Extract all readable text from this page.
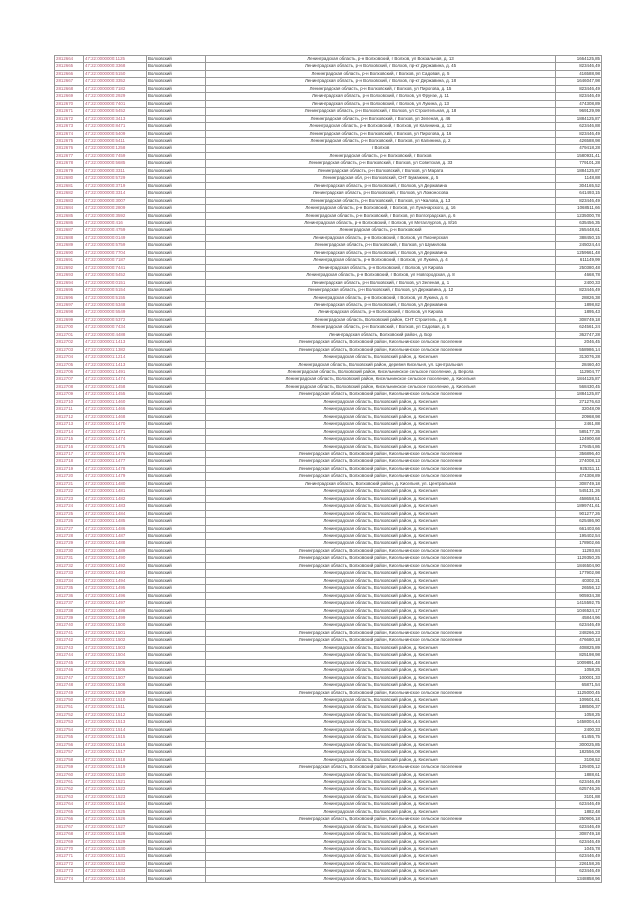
2812664	47:22:0000000:1125	Волховский	Ленинградская область, р-н Волховский, г Волхов, ул Вокзальная, д. 13	1664125,85
2812665	47:22:0000000:3368	Волховский	Ленинградская область, р-н Волховский, г Волхов, пр-кт Державина, д. 45	823446,49
2812666	47:22:0000000:5150	Волховский	Ленинградская область, р-н Волховский, г Волхов, ул Садовая, д. 5	416588,98
2812667	47:22:0000000:3352	Волховский	Ленинградская область, р-н Волховский, г Волхов, пр-кт Державина, д. 18	1646047,98
2812668	47:22:0000000:7182	Волховский	Ленинградская область, р-н Волховский, г Волхов, ул Пирогова, д. 15	823446,49
2812669	47:22:0000000:2929	Волховский	Ленинградская область, р-н Волховский, г Волхов, ул Фрунзе, д. 11	823446,49
2812670	47:22:0000000:7401	Волховский	Ленинградская область, р-н Волховский, г Волхов, ул Лукина, д. 13	474308,89
2812671	47:22:0000000:5452	Волховский	Ленинградская область, р-н Волховский, г Волхов, ул Строительная, д. 18	969129,99
2812672	47:22:0000000:3413	Волховский	Ленинградская область, р-н Волховский, г Волхов, ул Зеленая, д. 46	1884125,87
2812673	47:22:0000000:8471	Волховский	Ленинградская область, р-н Волховский, г Волхов, ул Калинина, д. 12	623446,88
2812674	47:22:0000000:5409	Волховский	Ленинградская область, р-н Волховский, г Волхов, ул Пирогова, д. 16	823446,49
2812675	47:22:0000000:5411	Волховский	Ленинградская область, р-н Волховский, г Волхов, ул Калинина, д. 2	426588,98
2812676	47:22:0000000:1258	Волховский	г Волхов	479418,28
2812677	47:22:0000000:7459	Волховский	Ленинградская область, р-н Волховский, г Волхов	1580931,41
2812678	47:22:0000000:5685	Волховский	Ленинградская область, р-н Волховский, г Волхов, ул Советская, д. 33	779101,28
2812679	47:22:0000000:3311	Волховский	Ленинградская область, р-н Волховский, г Волхов, ул Марата	1884125,87
2812680	47:22:0000000:5729	Волховский	Ленинградская обл, р-н Волховский, СНТ Бумажник, д. 5	1148,88
2812681	47:22:0000000:3719	Волховский	Ленинградская область, р-н Волховский, г Волхов, ул Державина	304165,52
2812682	47:22:0000000:3314	Волховский	Ленинградская область, р-н Волховский, г Волхов, ул Ломоносова	641493,15
2812683	47:22:0000000:3007	Волховский	Ленинградская область, р-н Волховский, г Волхов, ул Чкалова, д. 13	823446,49
2812684	47:22:0000000:2809	Волховский	Ленинградская область, р-н Волховский, г Волхов, ул Луначарского, д. 16	1068511,66
2812685	47:22:0000000:3592	Волховский	Ленинградская область, р-н Волховский, г Волхов, ул Волгоградская, д. 6	1235000,78
2812686	47:22:0000000:416	Волховский	Ленинградская область, р-н Волховский, г Волхов, ул Металлургов, д. 8/16	635456,35
2812687	47:22:0000000:4759	Волховский	Ленинградская область, р-н Волховский	265448,61
2812688	47:22:0000000:0149	Волховский	Ленинградская область, р-н Волховский, г Волхов, ул Пионерская	388450,15
2812689	47:22:0000000:5759	Волховский	Ленинградская область, р-н Волховский, г Волхов, ул Шумилова	245024,44
2812690	47:22:0000000:7704	Волховский	Ленинградская область, р-н Волховский, г Волхов, ул Державина	1259661,48
2812691	47:22:0000000:7187	Волховский	Ленинградская область, р-н Волховский, г Волхов, ул Лукина, д. 4	611149,99
2812692	47:22:0000000:7441	Волховский	Ленинградская область, р-н Волховский, г Волхов, ул Кирова	250380,48
2812693	47:22:0000000:5452	Волховский	Ленинградская область, р-н Волховский, г Волхов, ул Новгородская, д. 8	4668,78
2812694	47:22:0000000:0151	Волховский	Ленинградская область, р-н Волховский, г Волхов, ул Зеленая, д. 1	2400,33
2812695	47:22:0000000:5154	Волховский	Ленинградская область, р-н Волховский, г Волхов, ул Державина, д. 12	823446,49
2812696	47:22:0000000:5155	Волховский	Ленинградская область, р-н Волховский, г Волхов, ул Лукина, д. 6	28826,38
2812697	47:22:0000000:5348	Волховский	Ленинградская область, р-н Волховский, г Волхов, ул Державина	1898,82
2812698	47:22:0000000:5549	Волховский	Ленинградская область, р-н Волховский, г Волхов, ул Кирова	1895,43
2812699	47:22:0000000:5372	Волховский	Ленинградская область, Волховский район, СНТ Строитель, д. 8	308749,18
2812700	47:22:0000000:7434	Волховский	Ленинградская область, р-н Волховский, г Волхов, ул Садовая, д. 5	624561,24
2812701	47:22:0000000:4488	Волховский	Ленинградская область, Волховский район, д. Бор	362747,28
2812702	47:22:0300001:1413	Волховский	Ленинградская область, Волховский район, Кисельнинское сельское поселение	2046,45
2812703	47:22:0300001:1382	Волховский	Ленинградская область, Волховский район, Кисельнинское сельское поселение	558986,14
2812704	47:22:0300001:1214	Волховский	Ленинградская область, Волховский район, д. Кисельня	313076,28
2812705	47:22:0300001:1413	Волховский	Ленинградская область, Волховский район, деревня Кисельня, ул. Центральная	28460,40
2812706	47:22:0300001:1491	Волховский	Ленинградская область, Волховский район, Кисельнинское сельское поселение, д. Верола	112904,77
2812707	47:22:0300001:1474	Волховский	Ленинградская область, Волховский район, Кисельнинское сельское поселение, д. Кисельня	1844125,87
2812708	47:22:0300001:1458	Волховский	Ленинградская область, Волховский район, Кисельнинское сельское поселение, д. Кисельня	568430,45
2812709	47:22:0300001:1455	Волховский	Ленинградская область, Волховский район, Кисельнинское сельское поселение	1884125,87
2812710	47:22:0300001:1460	Волховский	Ленинградская область, Волховский район, д. Кисельня	271276,63
2812711	47:22:0300001:1466	Волховский	Ленинградская область, Волховский район, д. Кисельня	32048,09
2812712	47:22:0300001:1468	Волховский	Ленинградская область, Волховский район, д. Кисельня	20968,98
2812713	47:22:0300001:1470	Волховский	Ленинградская область, Волховский район, д. Кисельня	2461,88
2812714	47:22:0300001:1471	Волховский	Ленинградская область, Волховский район, д. Кисельня	585177,35
2812715	47:22:0300001:1474	Волховский	Ленинградская область, Волховский район, д. Кисельня	124900,68
2812716	47:22:0300001:1475	Волховский	Ленинградская область, Волховский район, д. Кисельня	179454,86
2812717	47:22:0300001:1476	Волховский	Ленинградская область, Волховский район, Кисельнинское сельское поселение	356896,40
2812718	47:22:0300001:1477	Волховский	Ленинградская область, Волховский район, Кисельнинское сельское поселение	274008,13
2812719	47:22:0300001:1478	Волховский	Ленинградская область, Волховский район, Кисельнинское сельское поселение	925311,11
2812720	47:22:0300001:1479	Волховский	Ленинградская область, Волховский район, Кисельнинское сельское поселение	474308,89
2812721	47:22:0300001:1480	Волховский	Ленинградская область, Волховский район, д. Кисельня, ул. Центральная	308749,18
2812722	47:22:0300001:1481	Волховский	Ленинградская область, Волховский район, д. Кисельня	545131,26
2812723	47:22:0300001:1482	Волховский	Ленинградская область, Волховский район, д. Кисельня	458658,51
2812724	47:22:0300001:1483	Волховский	Ленинградская область, Волховский район, д. Кисельня	1899741,61
2812725	47:22:0300001:1484	Волховский	Ленинградская область, Волховский район, д. Кисельня	901277,26
2812726	47:22:0300001:1485	Волховский	Ленинградская область, Волховский район, д. Кисельня	625486,90
2812727	47:22:0300001:1486	Волховский	Ленинградская область, Волховский район, д. Кисельня	661403,66
2812728	47:22:0300001:1487	Волховский	Ленинградская область, Волховский район, д. Кисельня	195402,54
2812729	47:22:0300001:1488	Волховский	Ленинградская область, Волховский район, д. Кисельня	178902,66
2812730	47:22:0300001:1489	Волховский	Ленинградская область, Волховский район, Кисельнинское сельское поселение	11293,84
2812731	47:22:0300001:1490	Волховский	Ленинградская область, Волховский район, Кисельнинское сельское поселение	1129350,25
2812732	47:22:0300001:1492	Волховский	Ленинградская область, Волховский район, Кисельнинское сельское поселение	1846504,90
2812733	47:22:0300001:1493	Волховский	Ленинградская область, Волховский район, д. Кисельня	177902,98
2812734	47:22:0300001:1494	Волховский	Ленинградская область, Волховский район, д. Кисельня	40302,31
2812735	47:22:0300001:1495	Волховский	Ленинградская область, Волховский район, д. Кисельня	26556,12
2812736	47:22:0300001:1496	Волховский	Ленинградская область, Волховский район, д. Кисельня	905934,38
2812737	47:22:0300001:1497	Волховский	Ленинградская область, Волховский район, д. Кисельня	1415592,75
2812738	47:22:0300001:1498	Волховский	Ленинградская область, Волховский район, д. Кисельня	1046524,17
2812739	47:22:0300001:1499	Волховский	Ленинградская область, Волховский район, д. Кисельня	45844,96
2812740	47:22:0300001:1500	Волховский	Ленинградская область, Волховский район, д. Кисельня	623446,49
2812741	47:22:0300001:1501	Волховский	Ленинградская область, Волховский район, Кисельнинское сельское поселение	248266,23
2812742	47:22:0300001:1502	Волховский	Ленинградская область, Волховский район, Кисельнинское сельское поселение	476680,18
2812743	47:22:0300001:1503	Волховский	Ленинградская область, Волховский район, д. Кисельня	408825,89
2812744	47:22:0300001:1504	Волховский	Ленинградская область, Волховский район, д. Кисельня	825198,98
2812745	47:22:0300001:1505	Волховский	Ленинградская область, Волховский район, д. Кисельня	1009891,48
2812746	47:22:0300001:1506	Волховский	Ленинградская область, Волховский район, д. Кисельня	1058,25
2812747	47:22:0300001:1507	Волховский	Ленинградская область, Волховский район, д. Кисельня	100001,33
2812748	47:22:0300001:1508	Волховский	Ленинградская область, Волховский район, д. Кисельня	65871,54
2812749	47:22:0300001:1509	Волховский	Ленинградская область, Волховский район, Кисельнинское сельское поселение	1125000,45
2812750	47:22:0300001:1510	Волховский	Ленинградская область, Волховский район, д. Кисельня	109501,61
2812751	47:22:0300001:1511	Волховский	Ленинградская область, Волховский район, д. Кисельня	188506,37
2812752	47:22:0300001:1512	Волховский	Ленинградская область, Волховский район, д. Кисельня	1058,25
2812753	47:22:0300001:1513	Волховский	Ленинградская область, Волховский район, д. Кисельня	1458004,44
2812754	47:22:0300001:1514	Волховский	Ленинградская область, Волховский район, д. Кисельня	2400,33
2812755	47:22:0300001:1515	Волховский	Ленинградская область, Волховский район, д. Кисельня	61455,75
2812756	47:22:0300001:1516	Волховский	Ленинградская область, Волховский район, д. Кисельня	300025,85
2812757	47:22:0300001:1517	Волховский	Ленинградская область, Волховский район, д. Кисельня	182556,08
2812758	47:22:0300001:1518	Волховский	Ленинградская область, Волховский район, д. Кисельня	3108,52
2812759	47:22:0300001:1519	Волховский	Ленинградская область, Волховский район, Кисельнинское сельское поселение	129405,12
2812760	47:22:0300001:1520	Волховский	Ленинградская область, Волховский район, д. Кисельня	1888,61
2812761	47:22:0300001:1521	Волховский	Ленинградская область, Волховский район, д. Кисельня	623446,49
2812762	47:22:0300001:1522	Волховский	Ленинградская область, Волховский район, д. Кисельня	625746,26
2812763	47:22:0300001:1523	Волховский	Ленинградская область, Волховский район, д. Кисельня	3101,88
2812764	47:22:0300001:1524	Волховский	Ленинградская область, Волховский район, д. Кисельня	623446,49
2812765	47:22:0300001:1525	Волховский	Ленинградская область, Волховский район, д. Кисельня	1882,48
2812766	47:22:0300001:1526	Волховский	Ленинградская область, Волховский район, Кисельнинское сельское поселение	250906,18
2812767	47:22:0300001:1527	Волховский	Ленинградская область, Волховский район, д. Кисельня	623446,49
2812768	47:22:0300001:1528	Волховский	Ленинградская область, Волховский район, д. Кисельня	308749,18
2812769	47:22:0300001:1529	Волховский	Ленинградская область, Волховский район, д. Кисельня	623446,49
2812770	47:22:0300001:1530	Волховский	Ленинградская область, Волховский район, д. Кисельня	1045,78
2812771	47:22:0300001:1531	Волховский	Ленинградская область, Волховский район, д. Кисельня	623446,49
2812772	47:22:0300001:1532	Волховский	Ленинградская область, Волховский район, д. Кисельня	226158,26
2812773	47:22:0300001:1533	Волховский	Ленинградская область, Волховский район, д. Кисельня	623446,49
2812774	47:22:0300001:1534	Волховский	Ленинградская область, Волховский район, д. Кисельня	1348858,96
